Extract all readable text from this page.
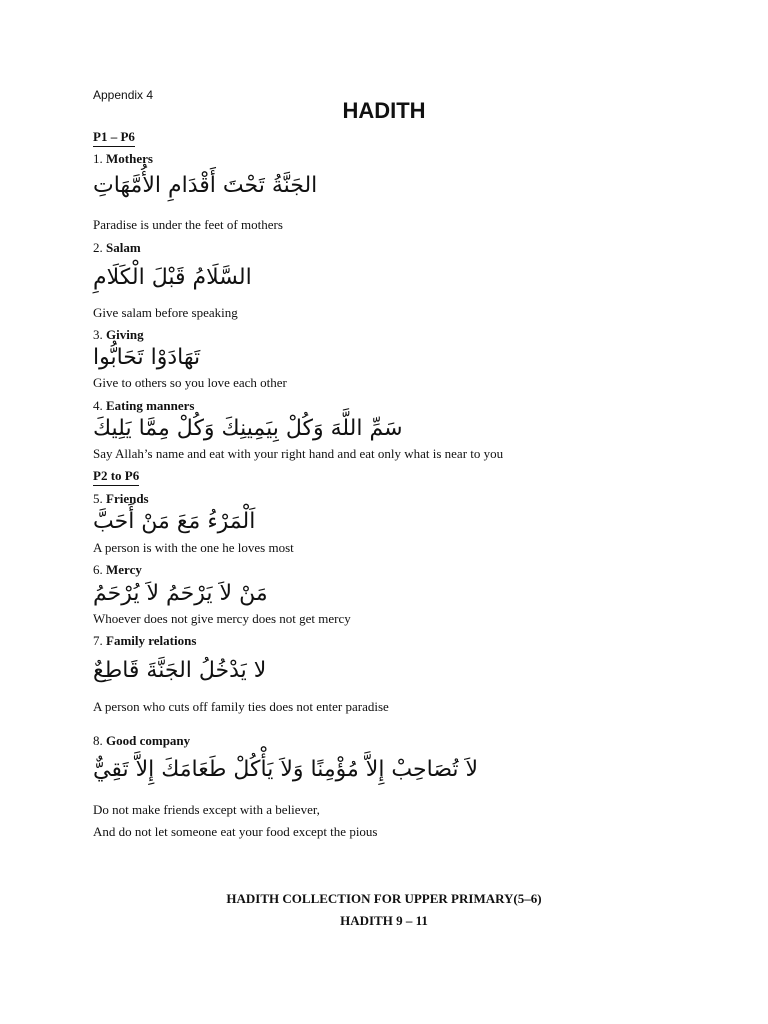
Appendix 4
HADITH
P1 – P6
1. Mothers
الجَنَّةُ تَحْتَ أَقْدَامِ الأُمَّهَاتِ
Paradise is under the feet of mothers
2. Salam
السَّلَامُ قَبْلَ الْكَلَامِ
Give salam before speaking
3. Giving
تَهَادَوْا تَحَابُّوا
Give to others so you love each other
4. Eating manners
سَمِّ اللَّهَ وَكُلْ بِيَمِينِكَ وَكُلْ مِمَّا يَلِيكَ
Say Allah’s name and eat with your right hand and eat only what is near to you
P2 to P6
5. Friends
اَلْمَرْءُ مَعَ مَنْ أَحَبَّ
A person is with the one he loves most
6. Mercy
مَنْ لاَ يَرْحَمُ لاَ يُرْحَمُ
Whoever does not give mercy does not get mercy
7. Family relations
لا يَدْخُلُ الجَنَّةَ قَاطِعٌ
A person who cuts off family ties does not enter paradise
8. Good company
لاَ تُصَاحِبْ إِلاَّ مُؤْمِنًا وَلاَ يَأْكُلْ طَعَامَكَ إِلاَّ تَقِيٌّ
Do not make friends except with a believer,
And do not let someone eat your food except the pious
HADITH COLLECTION FOR UPPER PRIMARY(5–6)
HADITH 9 – 11
